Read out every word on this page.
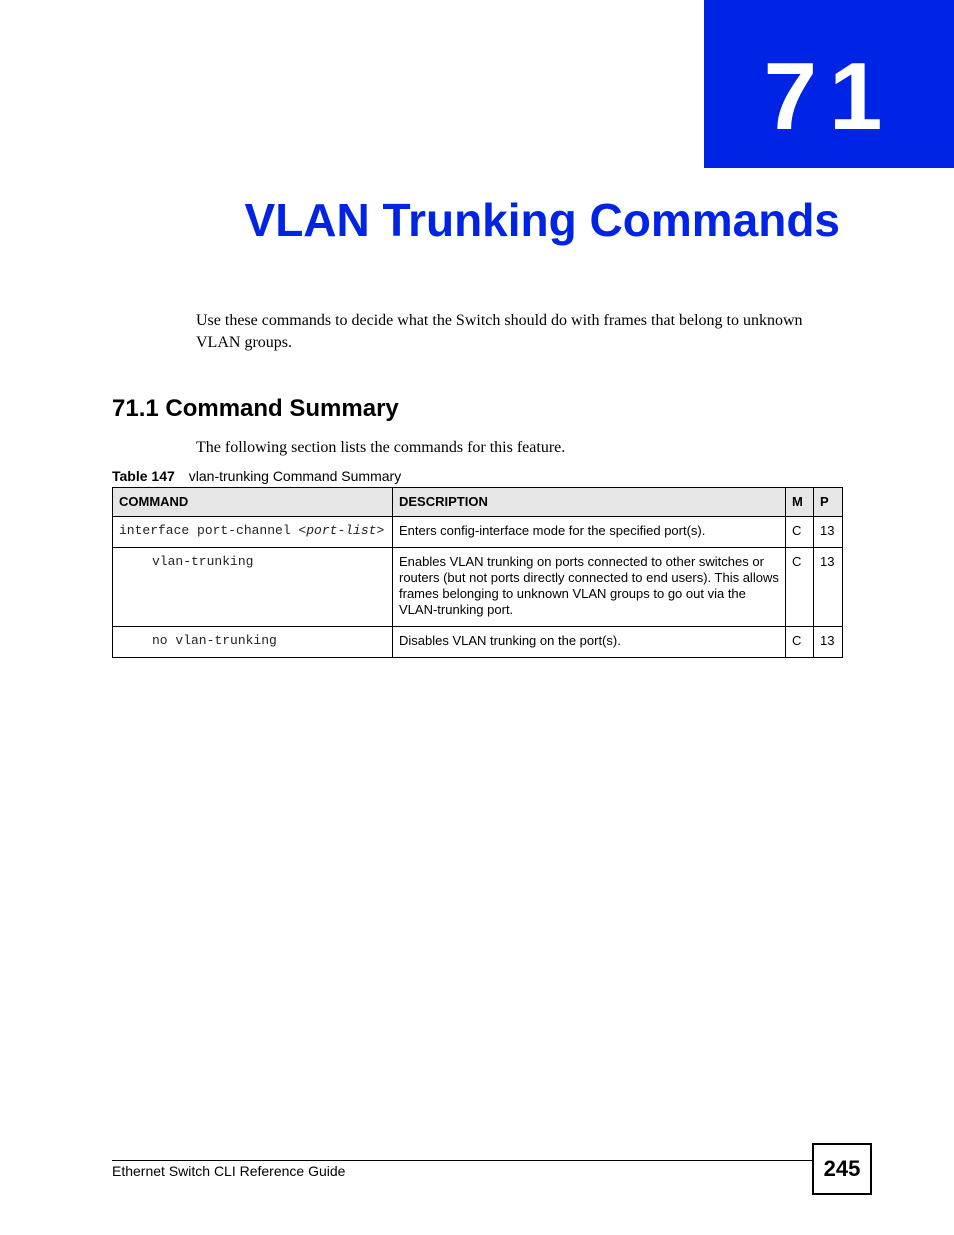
71
VLAN Trunking Commands

Use these commands to decide what the Switch should do with frames that belong to unknown VLAN groups.

71.1 Command Summary

The following section lists the commands for this feature.

Table 147 vlan-trunking Command Summary

COMMAND	DESCRIPTION	M	P
interface port-channel <port-list>	Enters config-interface mode for the specified port(s).	C	13
vlan-trunking	Enables VLAN trunking on ports connected to other switches or routers (but not ports directly connected to end users). This allows frames belonging to unknown VLAN groups to go out via the VLAN-trunking port.	C	13
no vlan-trunking	Disables VLAN trunking on the port(s).	C	13

Ethernet Switch CLI Reference Guide	245
